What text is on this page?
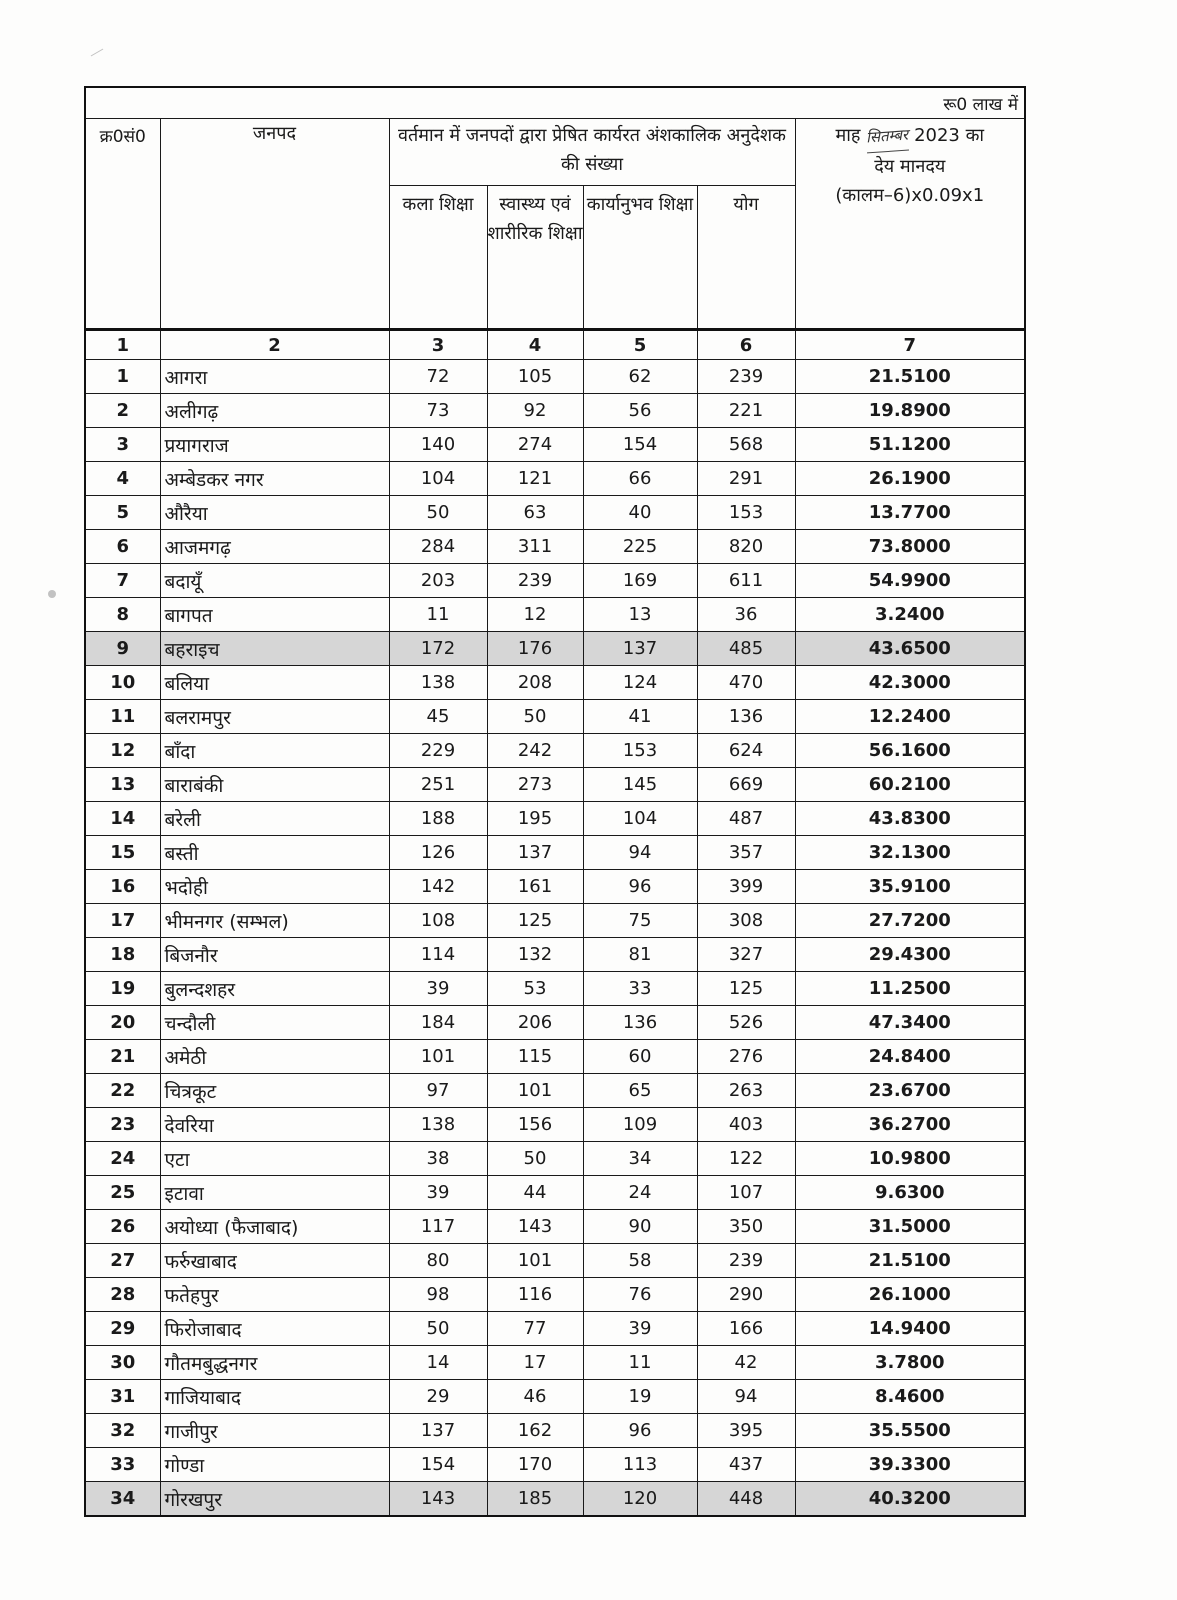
रू0 लाख में						
क्र0सं0	जनपद	वर्तमान में जनपदों द्वारा प्रेषित कार्यरत अंशकालिक अनुदेशक की संख्या				माह सितम्बर 2023 का
देय मानदय
(कालम–6)x0.09x1
		कला शिक्षा	स्वास्थ्य एवं शारीरिक शिक्षा	कार्यानुभव शिक्षा	योग	
1	2	3	4	5	6	7
1	आगरा	72	105	62	239	21.5100
2	अलीगढ़	73	92	56	221	19.8900
3	प्रयागराज	140	274	154	568	51.1200
4	अम्बेडकर नगर	104	121	66	291	26.1900
5	औरैया	50	63	40	153	13.7700
6	आजमगढ़	284	311	225	820	73.8000
7	बदायूँ	203	239	169	611	54.9900
8	बागपत	11	12	13	36	3.2400
9	बहराइच	172	176	137	485	43.6500
10	बलिया	138	208	124	470	42.3000
11	बलरामपुर	45	50	41	136	12.2400
12	बाँदा	229	242	153	624	56.1600
13	बाराबंकी	251	273	145	669	60.2100
14	बरेली	188	195	104	487	43.8300
15	बस्ती	126	137	94	357	32.1300
16	भदोही	142	161	96	399	35.9100
17	भीमनगर (सम्भल)	108	125	75	308	27.7200
18	बिजनौर	114	132	81	327	29.4300
19	बुलन्दशहर	39	53	33	125	11.2500
20	चन्दौली	184	206	136	526	47.3400
21	अमेठी	101	115	60	276	24.8400
22	चित्रकूट	97	101	65	263	23.6700
23	देवरिया	138	156	109	403	36.2700
24	एटा	38	50	34	122	10.9800
25	इटावा	39	44	24	107	9.6300
26	अयोध्या (फैजाबाद)	117	143	90	350	31.5000
27	फर्रुखाबाद	80	101	58	239	21.5100
28	फतेहपुर	98	116	76	290	26.1000
29	फिरोजाबाद	50	77	39	166	14.9400
30	गौतमबुद्धनगर	14	17	11	42	3.7800
31	गाजियाबाद	29	46	19	94	8.4600
32	गाजीपुर	137	162	96	395	35.5500
33	गोण्डा	154	170	113	437	39.3300
34	गोरखपुर	143	185	120	448	40.3200
